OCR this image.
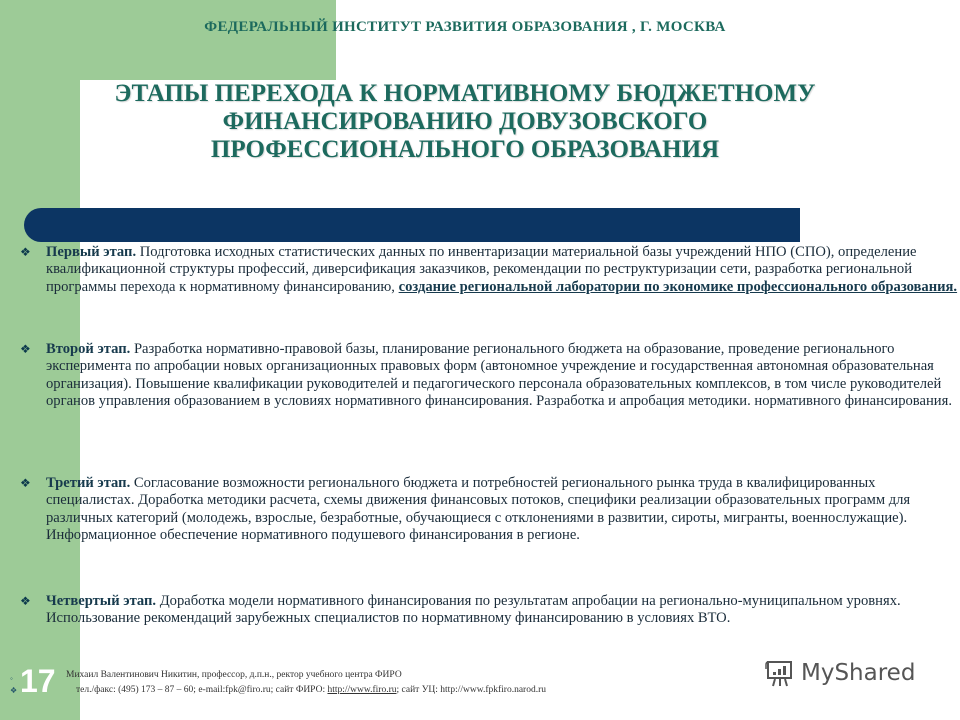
ФЕДЕРАЛЬНЫЙ ИНСТИТУТ РАЗВИТИЯ ОБРАЗОВАНИЯ , Г. МОСКВА
ЭТАПЫ ПЕРЕХОДА К НОРМАТИВНОМУ БЮДЖЕТНОМУ
ФИНАНСИРОВАНИЮ ДОВУЗОВСКОГО
ПРОФЕССИОНАЛЬНОГО ОБРАЗОВАНИЯ
❖ Первый этап. Подготовка исходных статистических данных по инвентаризации материальной базы учреждений НПО (СПО), определение квалификационной структуры профессий, диверсификация заказчиков, рекомендации по реструктуризации сети, разработка региональной программы перехода к нормативному финансированию, создание региональной лаборатории по экономике профессионального образования.
❖ Второй этап. Разработка нормативно-правовой базы, планирование регионального бюджета на образование, проведение регионального эксперимента по апробации новых организационных правовых форм (автономное учреждение и государственная автономная образовательная организация). Повышение квалификации руководителей и педагогического персонала образовательных комплексов, в том числе руководителей органов управления образованием в условиях нормативного финансирования. Разработка и апробация методики. нормативного финансирования.
❖ Третий этап. Согласование возможности регионального бюджета и потребностей регионального рынка труда в квалифицированных специалистах. Доработка методики расчета, схемы движения финансовых потоков, специфики реализации образовательных программ для различных категорий (молодежь, взрослые, безработные, обучающиеся с отклонениями в развитии, сироты, мигранты, военнослужащие). Информационное обеспечение нормативного подушевого финансирования в регионе.
❖ Четвертый этап. Доработка модели нормативного финансирования по результатам апробации на регионально-муниципальном уровнях. Использование рекомендаций зарубежных специалистов по нормативному финансированию в условиях ВТО.
◦
❖ 17 Михаил Валентинович Никитин, профессор, д.п.н., ректор учебного центра ФИРО
тел./факс: (495) 173 – 87 – 60; e-mail:fpk@firo.ru; сайт ФИРО: http://www.firo.ru; сайт УЦ: http://www.fpkfiro.narod.ru
MyShared
